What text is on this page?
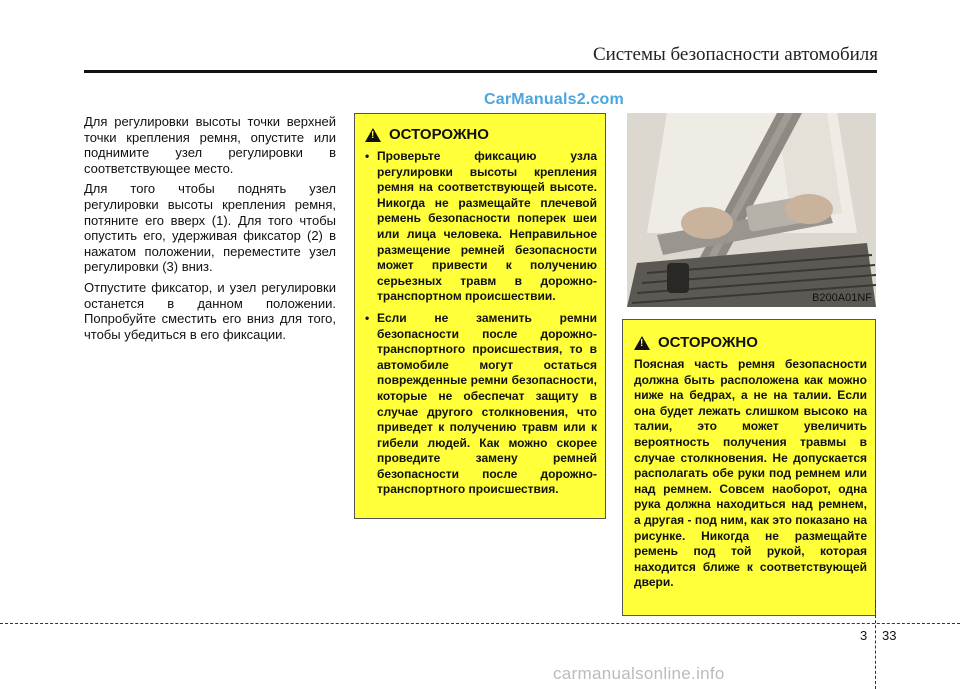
Системы безопасности автомобиля
CarManuals2.com

Для регулировки высоты точки верхней точки крепления ремня, опустите или поднимите узел регулировки в соответствующее место.

Для того чтобы поднять узел регулировки высоты крепления ремня, потяните его вверх (1). Для того чтобы опустить его, удерживая фиксатор (2) в нажатом положении, переместите узел регулировки (3) вниз.

Отпустите фиксатор, и узел регулировки останется в данном положении. Попробуйте сместить его вниз для того, чтобы убедиться в его фиксации.

!
ОСТОРОЖНО
• Проверьте фиксацию узла регулировки высоты крепления ремня на соответствующей высоте. Никогда не размещайте плечевой ремень безопасности поперек шеи или лица человека. Неправильное размещение ремней безопасности может привести к получению серьезных травм в дорожно-транспортном происшествии.
• Если не заменить ремни безопасности после дорожно-транспортного происшествия, то в автомобиле могут остаться поврежденные ремни безопасности, которые не обеспечат защиту в случае другого столкновения, что приведет к получению травм или к гибели людей. Как можно скорее проведите замену ремней безопасности после дорожно-транспортного происшествия.
B200A01NF
!
ОСТОРОЖНО

Поясная часть ремня безопасности должна быть расположена как можно ниже на бедрах, а не на талии. Если она будет лежать слишком высоко на талии, это может увеличить вероятность получения травмы в случае столкновения. Не допускается располагать обе руки под ремнем или над ремнем. Совсем наоборот, одна рука должна находиться над ремнем, а другая - под ним, как это показано на рисунке. Никогда не размещайте ремень под той рукой, которая находится ближе к соответствующей двери.

3 33
carmanualsonline.info
